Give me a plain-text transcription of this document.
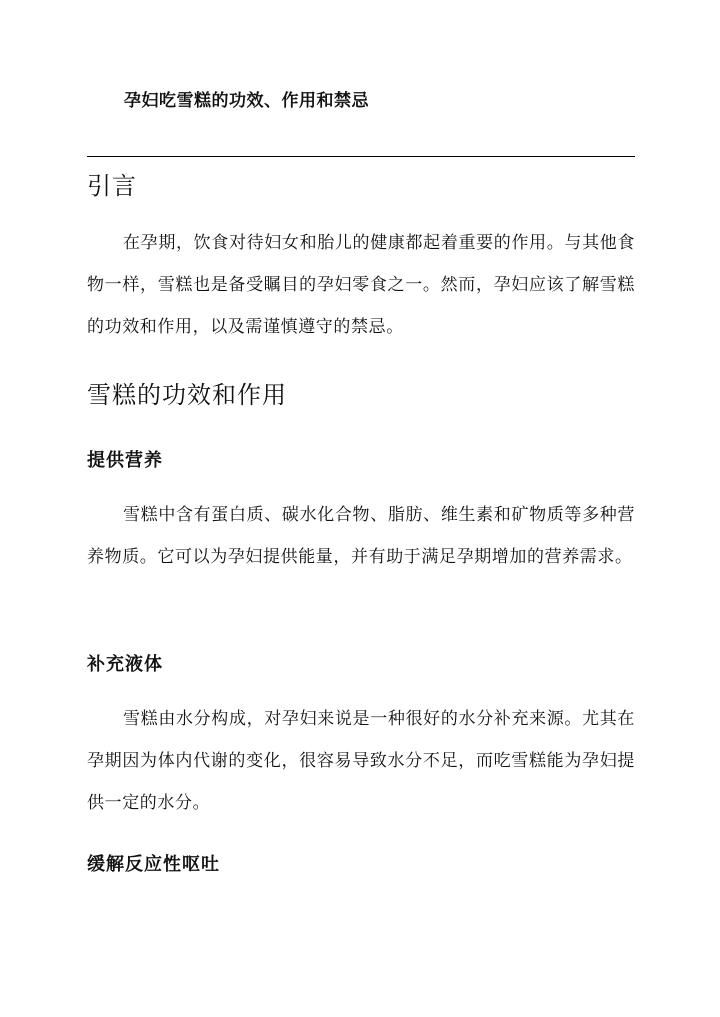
孕妇吃雪糕的功效、作用和禁忌
引言

在孕期，饮食对待妇女和胎儿的健康都起着重要的作用。与其他食物一样，雪糕也是备受瞩目的孕妇零食之一。然而，孕妇应该了解雪糕的功效和作用，以及需谨慎遵守的禁忌。

雪糕的功效和作用
提供营养

雪糕中含有蛋白质、碳水化合物、脂肪、维生素和矿物质等多种营养物质。它可以为孕妇提供能量，并有助于满足孕期增加的营养需求。

补充液体

雪糕由水分构成，对孕妇来说是一种很好的水分补充来源。尤其在孕期因为体内代谢的变化，很容易导致水分不足，而吃雪糕能为孕妇提供一定的水分。

缓解反应性呕吐
